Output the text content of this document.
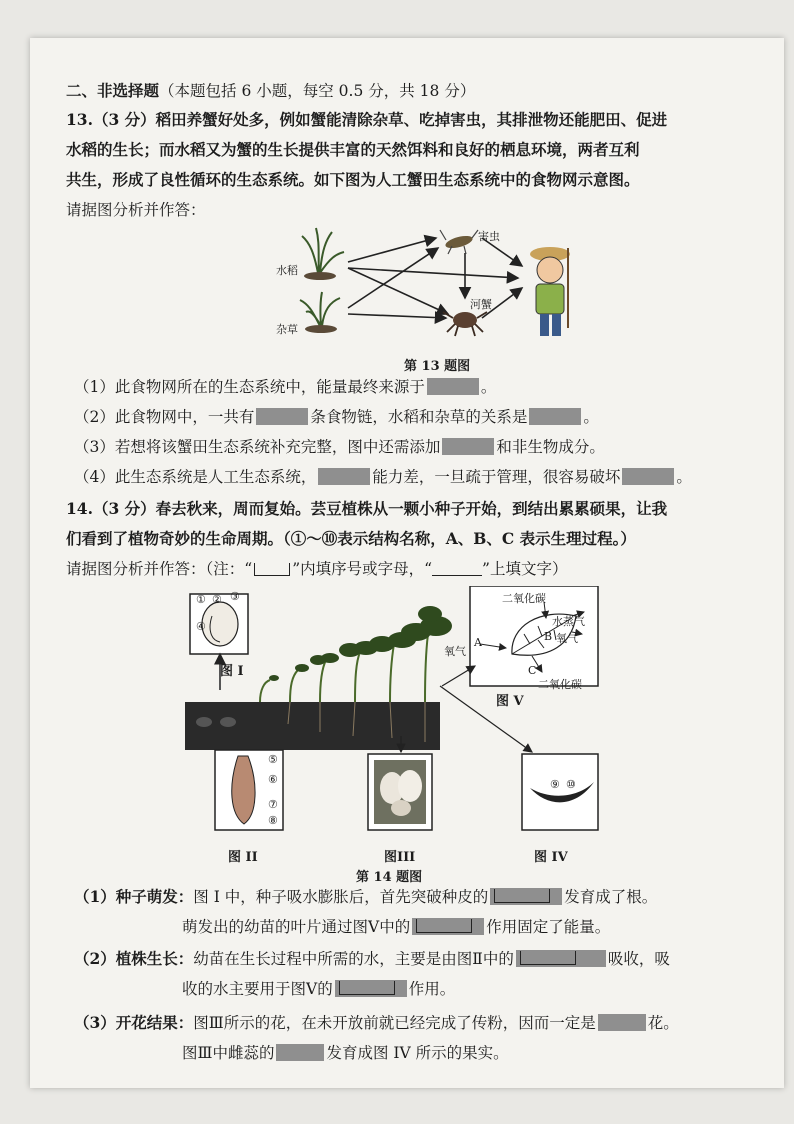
二、非选择题（本题包括 6 小题，每空 0.5 分，共 18 分）
13.（3 分）稻田养蟹好处多，例如蟹能清除杂草、吃掉害虫，其排泄物还能肥田、促进
水稻的生长；而水稻又为蟹的生长提供丰富的天然饵料和良好的栖息环境，两者互利
共生，形成了良性循环的生态系统。如下图为人工蟹田生态系统中的食物网示意图。
请据图分析并作答：
水稻
杂草
害虫
河蟹
第 13 题图
（1）此食物网所在的生态系统中，能量最终来源于	。
（2）此食物网中，一共有	条食物链，水稻和杂草的关系是	。
（3）若想将该蟹田生态系统补充完整，图中还需添加	和非生物成分。
（4）此生态系统是人工生态系统，	能力差，一旦疏于管理，很容易破坏	。
14.（3 分）春去秋来，周而复始。芸豆植株从一颗小种子开始，到结出累累硕果，让我
们看到了植物奇妙的生命周期。（①～⑩表示结构名称，A、B、C 表示生理过程。）
请据图分析并作答：（注：“	”内填序号或字母，“	”上填文字）
图 I
图 II	图III	图 IV
图 V
第 14 题图
二氧化碳
水蒸气
B 氧气
氧气
A
C
二氧化碳
① ②
④
③
⑤
⑥
⑦
⑧
⑨ ⑩
（1）种子萌发：图 I 中，种子吸水膨胀后，首先突破种皮的	发育成了根。
萌发出的幼苗的叶片通过图Ⅴ中的	作用固定了能量。
（2）植株生长：幼苗在生长过程中所需的水，主要是由图Ⅱ中的	吸收，吸
收的水主要用于图Ⅴ的	作用。
（3）开花结果：图Ⅲ所示的花，在未开放前就已经完成了传粉，因而一定是	花。
图Ⅲ中雌蕊的	发育成图 IV 所示的果实。
